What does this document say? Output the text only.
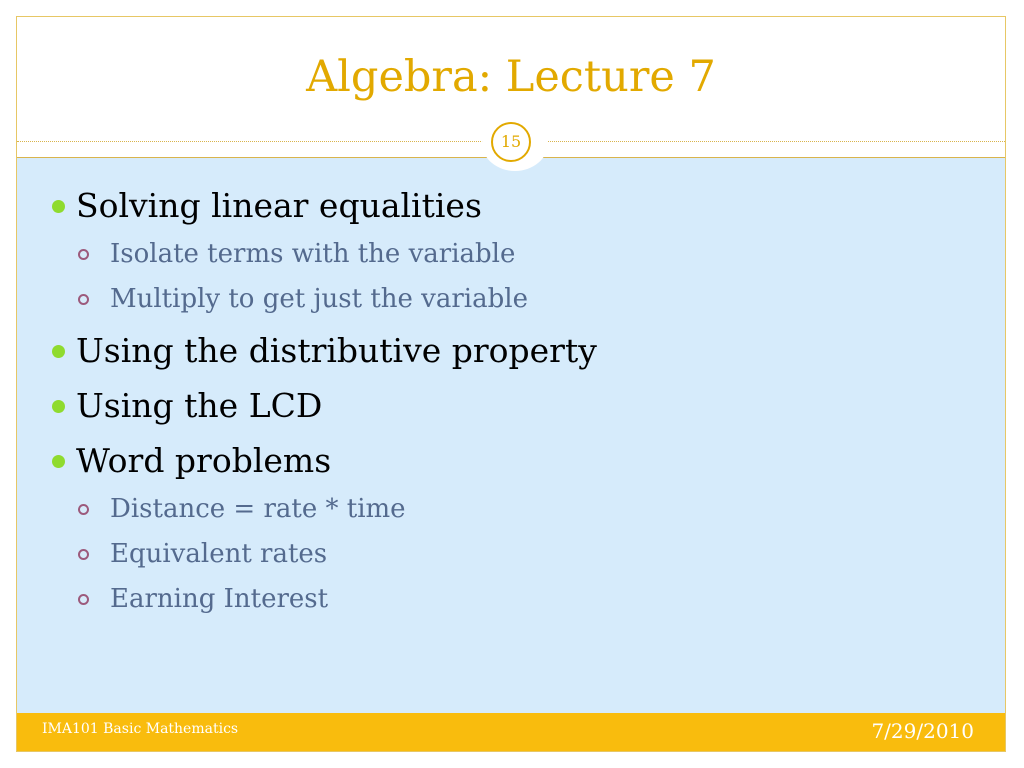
Algebra: Lecture 7
15
Solving linear equalities
Isolate terms with the variable
Multiply to get just the variable
Using the distributive property
Using the LCD
Word problems
Distance = rate * time
Equivalent rates
Earning Interest
IMA101 Basic Mathematics	7/29/2010
